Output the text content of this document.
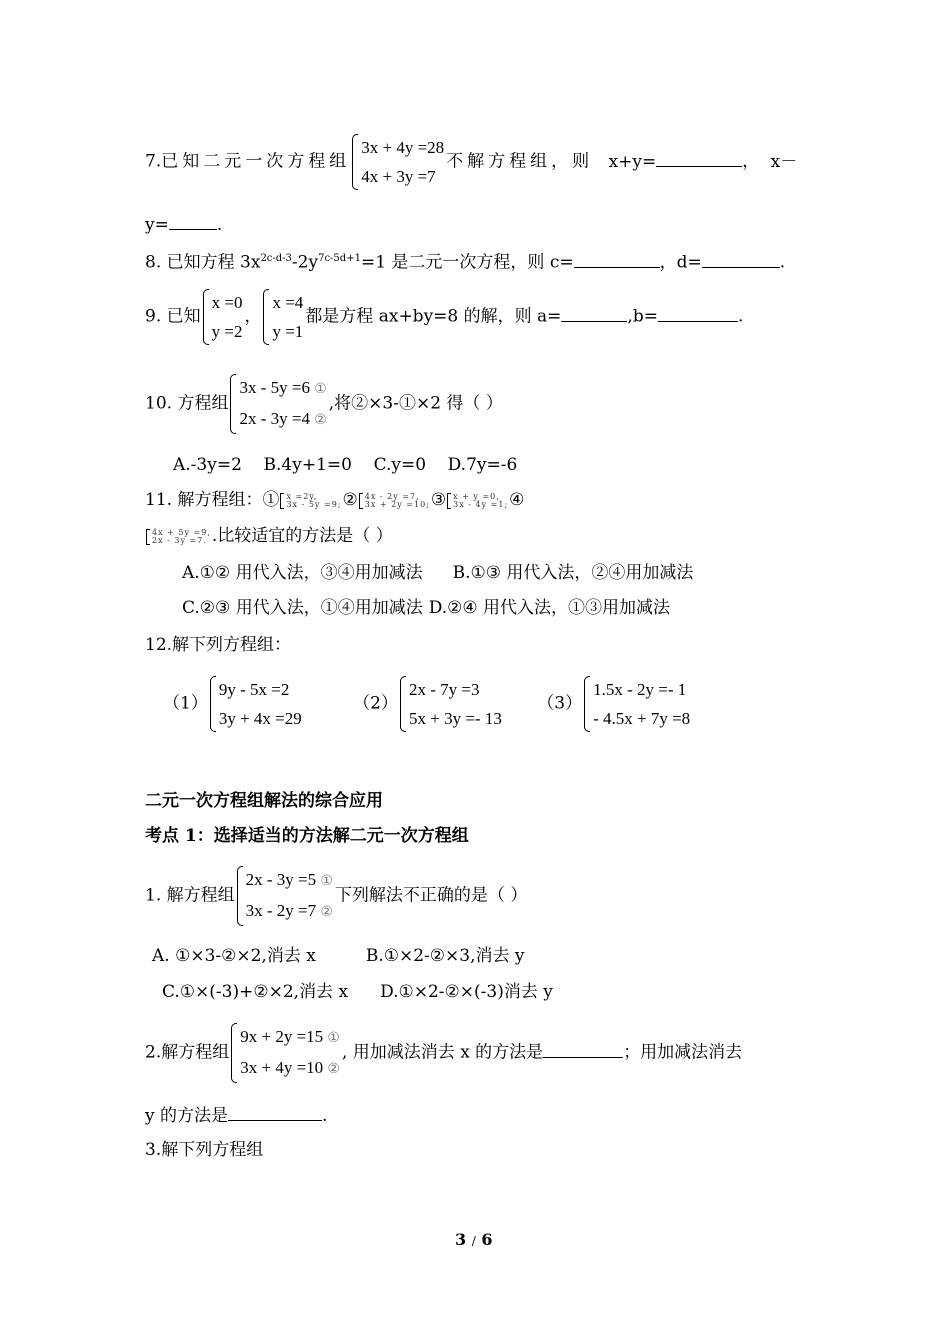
7.已知二元一次方程组
3x + 4y =28
4x + 3y =7
不解方程组，则 x+y=	， x－
y=	.
8. 已知方程 $3x^{2c-d-3}-2y^{7c-5d+1}=1$ 是二元一次方程，则 c=	，d=	.
9. 已知
x =0
y =2
，
x =4
y =1
都是方程 ax+by=8 的解，则 a=	,b=	.
10. 方程组
3x - 5y =6 ①
2x - 3y =4 ②
,将②×3-①×2 得（ ）
A.-3y=2    B.4y+1=0    C.y=0    D.7y=-6
11. 解方程组：① x =2y,
3x - 5y =9; ② 4x - 2y =7,
3x + 2y =10; ③ x + y =0,
3x - 4y =1; ④
4x + 5y =9,
2x - 3y =7. .比较适宜的方法是（ ）
A.①② 用代入法，③④用加减法 B.①③ 用代入法，②④用加减法
C.②③ 用代入法，①④用加减法 D.②④ 用代入法，①③用加减法
12.解下列方程组：
（1）
9y - 5x =2
3y + 4x =29
（2）
2x - 7y =3
5x + 3y =- 13
（3）
1.5x - 2y =- 1
- 4.5x + 7y =8
二元一次方程组解法的综合应用
考点 1：选择适当的方法解二元一次方程组
1. 解方程组
2x - 3y =5 ①
3x - 2y =7 ②
下列解法不正确的是（ ）
A. ①×3-②×2,消去 x	B.①×2-②×3,消去 y
C.①×(-3)+②×2,消去 x D.①×2-②×(-3)消去 y
2.解方程组
9x + 2y =15 ①
3x + 4y =10 ②
, 用加减法消去 x 的方法是	；用加减法消去
y 的方法是	.
3.解下列方程组
3 / 6
